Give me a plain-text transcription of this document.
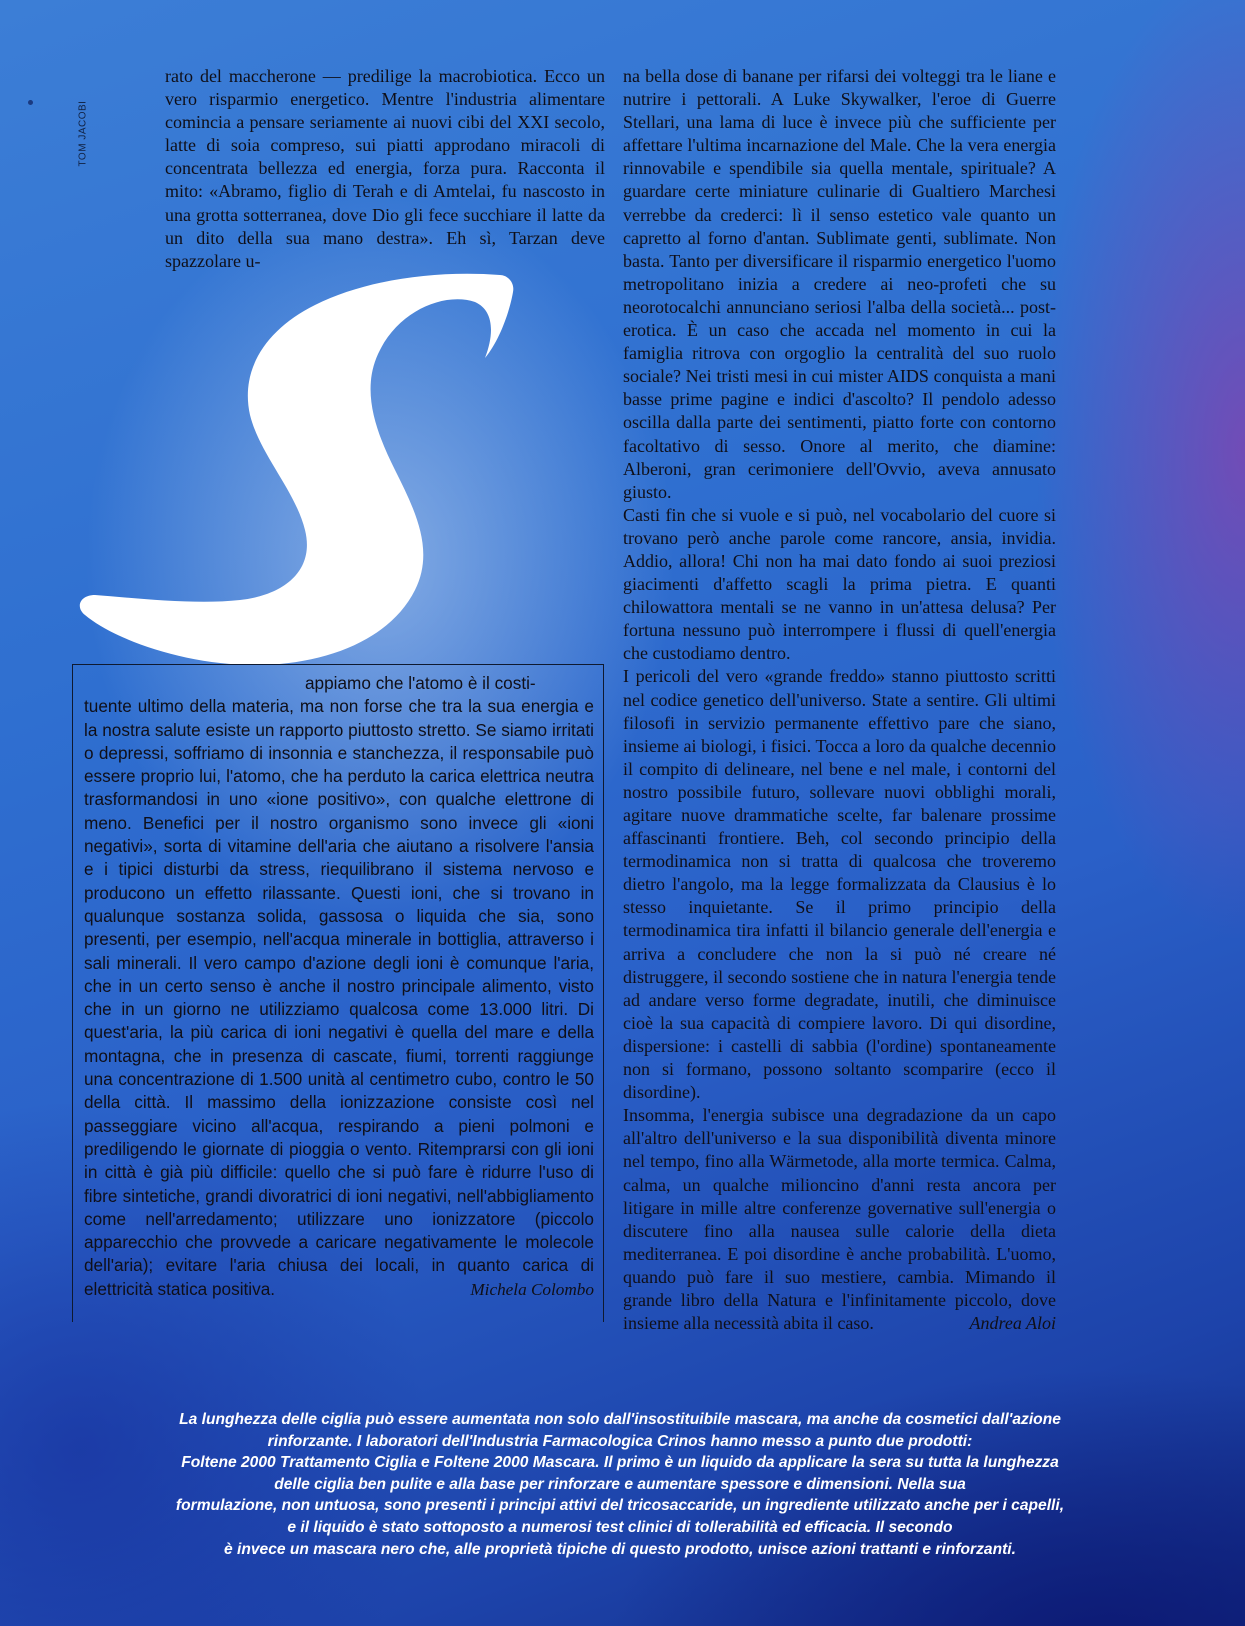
TOM JACOBI

rato del maccherone — predilige la macrobiotica. Ecco un vero risparmio energetico. Mentre l'industria alimentare comincia a pensare seriamente ai nuovi cibi del XXI secolo, latte di soia compreso, sui piatti approdano miracoli di concentrata bellezza ed energia, forza pura. Racconta il mito: «Abramo, figlio di Terah e di Amtelai, fu nascosto in una grotta sotterranea, dove Dio gli fece succhiare il latte da un dito della sua mano destra». Eh sì, Tarzan deve spazzolare u-

appiamo che l'atomo è il costi-
tuente ultimo della materia, ma non forse che tra la sua energia e la nostra salute esiste un rapporto piuttosto stretto. Se siamo irritati o depressi, soffriamo di insonnia e stanchezza, il responsabile può essere proprio lui, l'atomo, che ha perduto la carica elettrica neutra trasformandosi in uno «ione positivo», con qualche elettrone di meno. Benefici per il nostro organismo sono invece gli «ioni negativi», sorta di vitamine dell'aria che aiutano a risolvere l'ansia e i tipici disturbi da stress, riequilibrano il sistema nervoso e producono un effetto rilassante. Questi ioni, che si trovano in qualunque sostanza solida, gassosa o liquida che sia, sono presenti, per esempio, nell'acqua minerale in bottiglia, attraverso i sali minerali. Il vero campo d'azione degli ioni è comunque l'aria, che in un certo senso è anche il nostro principale alimento, visto che in un giorno ne utilizziamo qualcosa come 13.000 litri. Di quest'aria, la più carica di ioni negativi è quella del mare e della montagna, che in presenza di cascate, fiumi, torrenti raggiunge una concentrazione di 1.500 unità al centimetro cubo, contro le 50 della città. Il massimo della ionizzazione consiste così nel passeggiare vicino all'acqua, respirando a pieni polmoni e prediligendo le giornate di pioggia o vento. Ritemprarsi con gli ioni in città è già più difficile: quello che si può fare è ridurre l'uso di fibre sintetiche, grandi divoratrici di ioni negativi, nell'abbigliamento come nell'arredamento; utilizzare uno ionizzatore (piccolo apparecchio che provvede a caricare negativamente le molecole dell'aria); evitare l'aria chiusa dei locali, in quanto carica di elettricità statica positiva.	Michela Colombo

na bella dose di banane per rifarsi dei volteggi tra le liane e nutrire i pettorali. A Luke Skywalker, l'eroe di Guerre Stellari, una lama di luce è invece più che sufficiente per affettare l'ultima incarnazione del Male. Che la vera energia rinnovabile e spendibile sia quella mentale, spirituale? A guardare certe miniature culinarie di Gualtiero Marchesi verrebbe da crederci: lì il senso estetico vale quanto un capretto al forno d'antan. Sublimate genti, sublimate. Non basta. Tanto per diversificare il risparmio energetico l'uomo metropolitano inizia a credere ai neo-profeti che su neorotocalchi annunciano seriosi l'alba della società... post-erotica. È un caso che accada nel momento in cui la famiglia ritrova con orgoglio la centralità del suo ruolo sociale? Nei tristi mesi in cui mister AIDS conquista a mani basse prime pagine e indici d'ascolto? Il pendolo adesso oscilla dalla parte dei sentimenti, piatto forte con contorno facoltativo di sesso. Onore al merito, che diamine: Alberoni, gran cerimoniere dell'Ovvio, aveva annusato giusto.

Casti fin che si vuole e si può, nel vocabolario del cuore si trovano però anche parole come rancore, ansia, invidia. Addio, allora! Chi non ha mai dato fondo ai suoi preziosi giacimenti d'affetto scagli la prima pietra. E quanti chilowattora mentali se ne vanno in un'attesa delusa? Per fortuna nessuno può interrompere i flussi di quell'energia che custodiamo dentro.

I pericoli del vero «grande freddo» stanno piuttosto scritti nel codice genetico dell'universo. State a sentire. Gli ultimi filosofi in servizio permanente effettivo pare che siano, insieme ai biologi, i fisici. Tocca a loro da qualche decennio il compito di delineare, nel bene e nel male, i contorni del nostro possibile futuro, sollevare nuovi obblighi morali, agitare nuove drammatiche scelte, far balenare prossime affascinanti frontiere. Beh, col secondo principio della termodinamica non si tratta di qualcosa che troveremo dietro l'angolo, ma la legge formalizzata da Clausius è lo stesso inquietante. Se il primo principio della termodinamica tira infatti il bilancio generale dell'energia e arriva a concludere che non la si può né creare né distruggere, il secondo sostiene che in natura l'energia tende ad andare verso forme degradate, inutili, che diminuisce cioè la sua capacità di compiere lavoro. Di qui disordine, dispersione: i castelli di sabbia (l'ordine) spontaneamente non si formano, possono soltanto scomparire (ecco il disordine).

Insomma, l'energia subisce una degradazione da un capo all'altro dell'universo e la sua disponibilità diventa minore nel tempo, fino alla Wärmetode, alla morte termica. Calma, calma, un qualche milioncino d'anni resta ancora per litigare in mille altre conferenze governative sull'energia o discutere fino alla nausea sulle calorie della dieta mediterranea. E poi disordine è anche probabilità. L'uomo, quando può fare il suo mestiere, cambia. Mimando il grande libro della Natura e l'infinitamente piccolo, dove insieme alla necessità abita il caso.	Andrea Aloi

La lunghezza delle ciglia può essere aumentata non solo dall'insostituibile mascara, ma anche da cosmetici dall'azione
rinforzante. I laboratori dell'Industria Farmacologica Crinos hanno messo a punto due prodotti:
Foltene 2000 Trattamento Ciglia e Foltene 2000 Mascara. Il primo è un liquido da applicare la sera su tutta la lunghezza
delle ciglia ben pulite e alla base per rinforzare e aumentare spessore e dimensioni. Nella sua
formulazione, non untuosa, sono presenti i principi attivi del tricosaccaride, un ingrediente utilizzato anche per i capelli,
e il liquido è stato sottoposto a numerosi test clinici di tollerabilità ed efficacia. Il secondo
è invece un mascara nero che, alle proprietà tipiche di questo prodotto, unisce azioni trattanti e rinforzanti.
